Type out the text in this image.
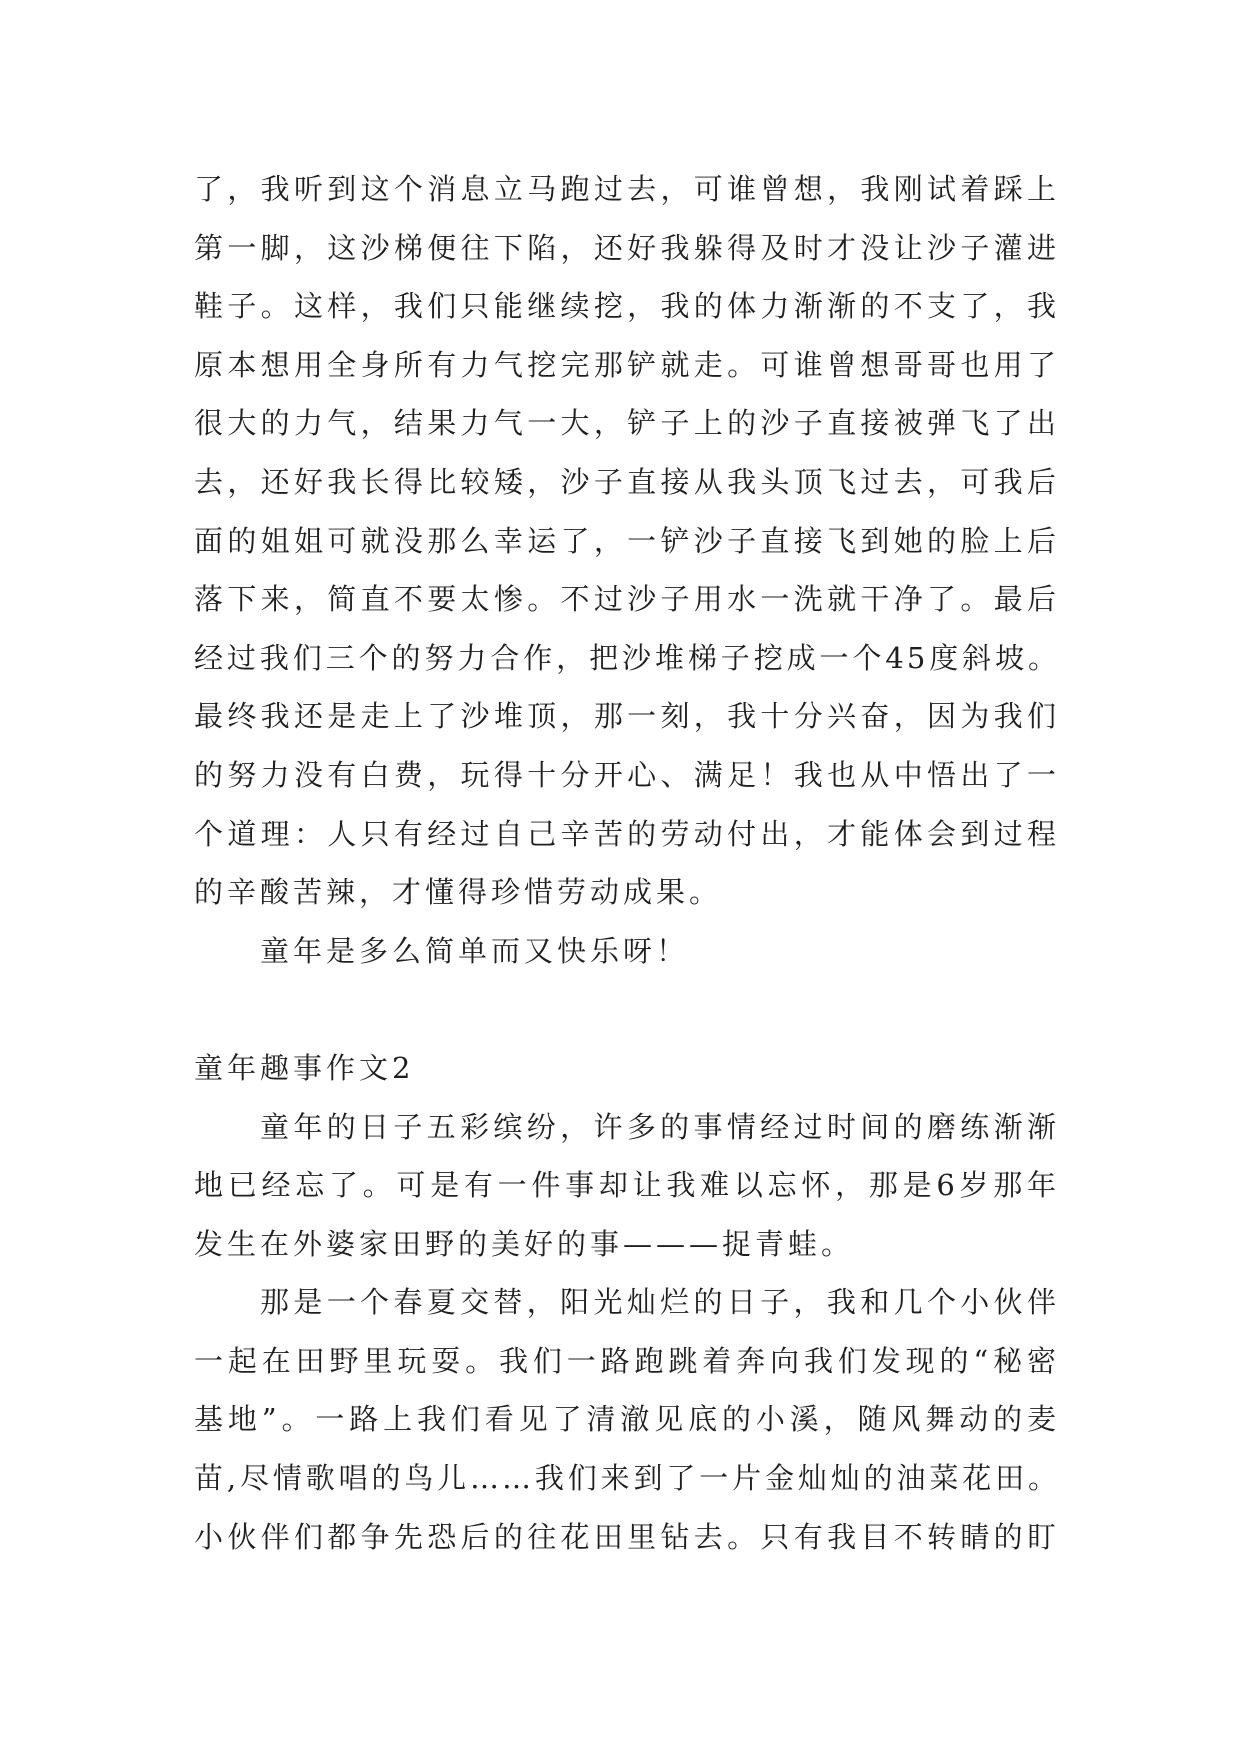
了，我听到这个消息立马跑过去，可谁曾想，我刚试着踩上
第一脚，这沙梯便往下陷，还好我躲得及时才没让沙子灌进
鞋子。这样，我们只能继续挖，我的体力渐渐的不支了，我
原本想用全身所有力气挖完那铲就走。可谁曾想哥哥也用了
很大的力气，结果力气一大，铲子上的沙子直接被弹飞了出
去，还好我长得比较矮，沙子直接从我头顶飞过去，可我后
面的姐姐可就没那么幸运了，一铲沙子直接飞到她的脸上后
落下来，简直不要太惨。不过沙子用水一洗就干净了。最后
经过我们三个的努力合作，把沙堆梯子挖成一个45度斜坡。
最终我还是走上了沙堆顶，那一刻，我十分兴奋，因为我们
的努力没有白费，玩得十分开心、满足！我也从中悟出了一
个道理：人只有经过自己辛苦的劳动付出，才能体会到过程
的辛酸苦辣，才懂得珍惜劳动成果。
童年是多么简单而又快乐呀！
童年趣事作文2
童年的日子五彩缤纷，许多的事情经过时间的磨练渐渐
地已经忘了。可是有一件事却让我难以忘怀，那是6岁那年
发生在外婆家田野的美好的事———捉青蛙。
那是一个春夏交替，阳光灿烂的日子，我和几个小伙伴
一起在田野里玩耍。我们一路跑跳着奔向我们发现的“秘密
基地”。一路上我们看见了清澈见底的小溪，随风舞动的麦
苗,尽情歌唱的鸟儿……我们来到了一片金灿灿的油菜花田。
小伙伴们都争先恐后的往花田里钻去。只有我目不转睛的盯
